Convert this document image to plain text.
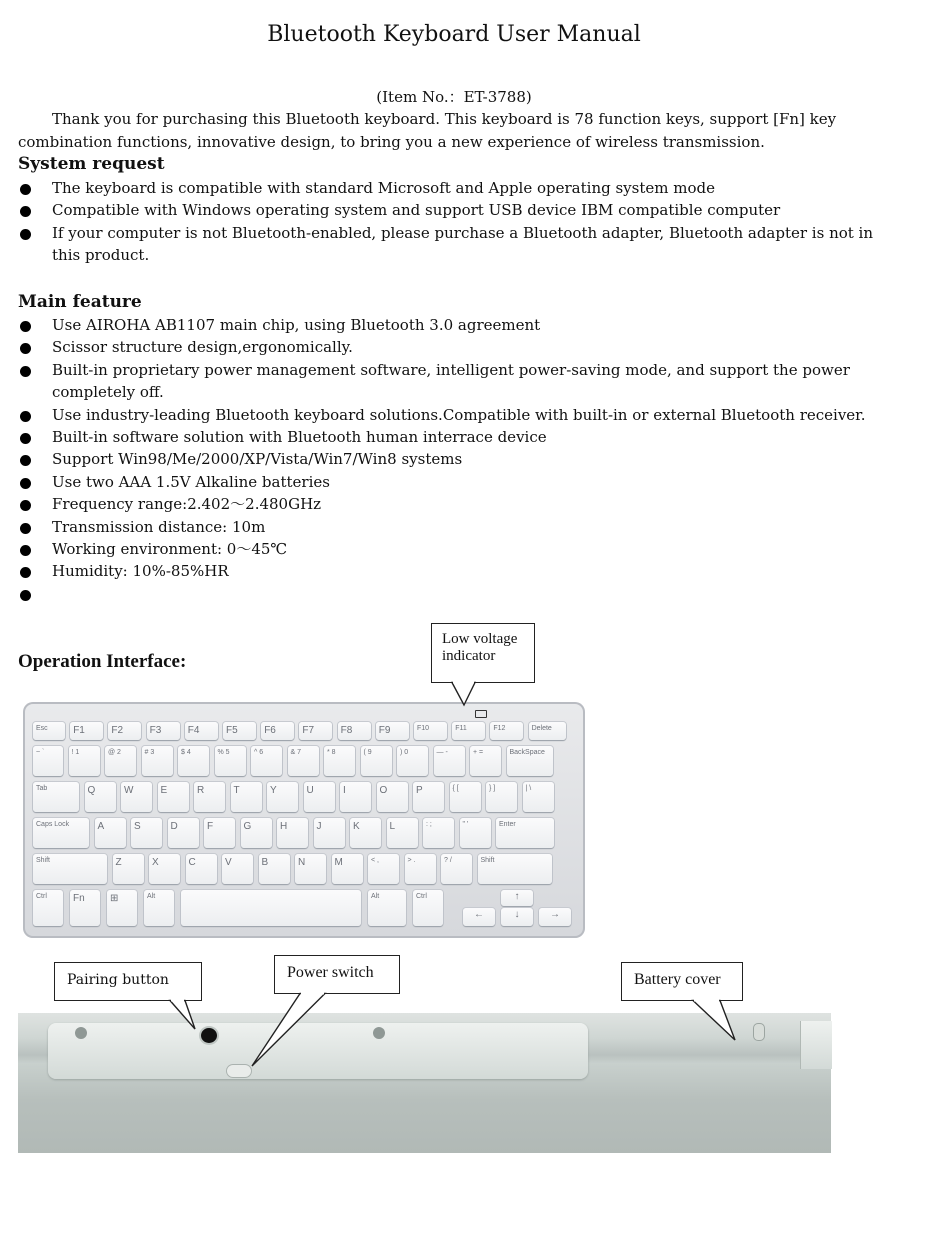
Bluetooth Keyboard User Manual
(Item No.：ET-3788)
Thank you for purchasing this Bluetooth keyboard. This keyboard is 78 function keys, support [Fn] key combination functions, innovative design, to bring you a new experience of wireless transmission.
System request
The keyboard is compatible with standard Microsoft and Apple operating system mode
Compatible with Windows operating system and support USB device IBM compatible computer
If your computer is not Bluetooth-enabled, please purchase a Bluetooth adapter, Bluetooth adapter is not in this product.
Main feature
Use AIROHA AB1107 main chip, using Bluetooth 3.0 agreement
Scissor structure design,ergonomically.
Built-in proprietary power management software, intelligent power-saving mode, and support the power completely off.
Use industry-leading Bluetooth keyboard solutions.Compatible with built-in or external Bluetooth receiver.
Built-in software solution with Bluetooth human interrace device
Support Win98/Me/2000/XP/Vista/Win7/Win8 systems
Use two AAA 1.5V Alkaline batteries
Frequency range:2.402～2.480GHz
Transmission distance: 10m
Working environment: 0～45℃
Humidity: 10%-85%HR
Operation Interface:
Esc	F1	F2	F3	F4	F5	F6	F7	F8	F9	F10	F11	F12	Delete
~ `	! 1	@ 2	# 3	$ 4	% 5	^ 6	& 7	* 8	( 9	) 0	— -	+ =	BackSpace
Tab	Q	W	E	R	T	Y	U	I	O	P	{ [	} ]	| \
Caps Lock	A	S	D	F	G	H	J	K	L	: ;	" '	Enter
Shift	Z	X	C	V	B	N	M	< ,	> .	? /	Shift
Ctrl	Fn	⊞	Alt	Alt	Ctrl
←
↑
↓	→
Low voltage indicator
Pairing button	Power switch	Battery cover
